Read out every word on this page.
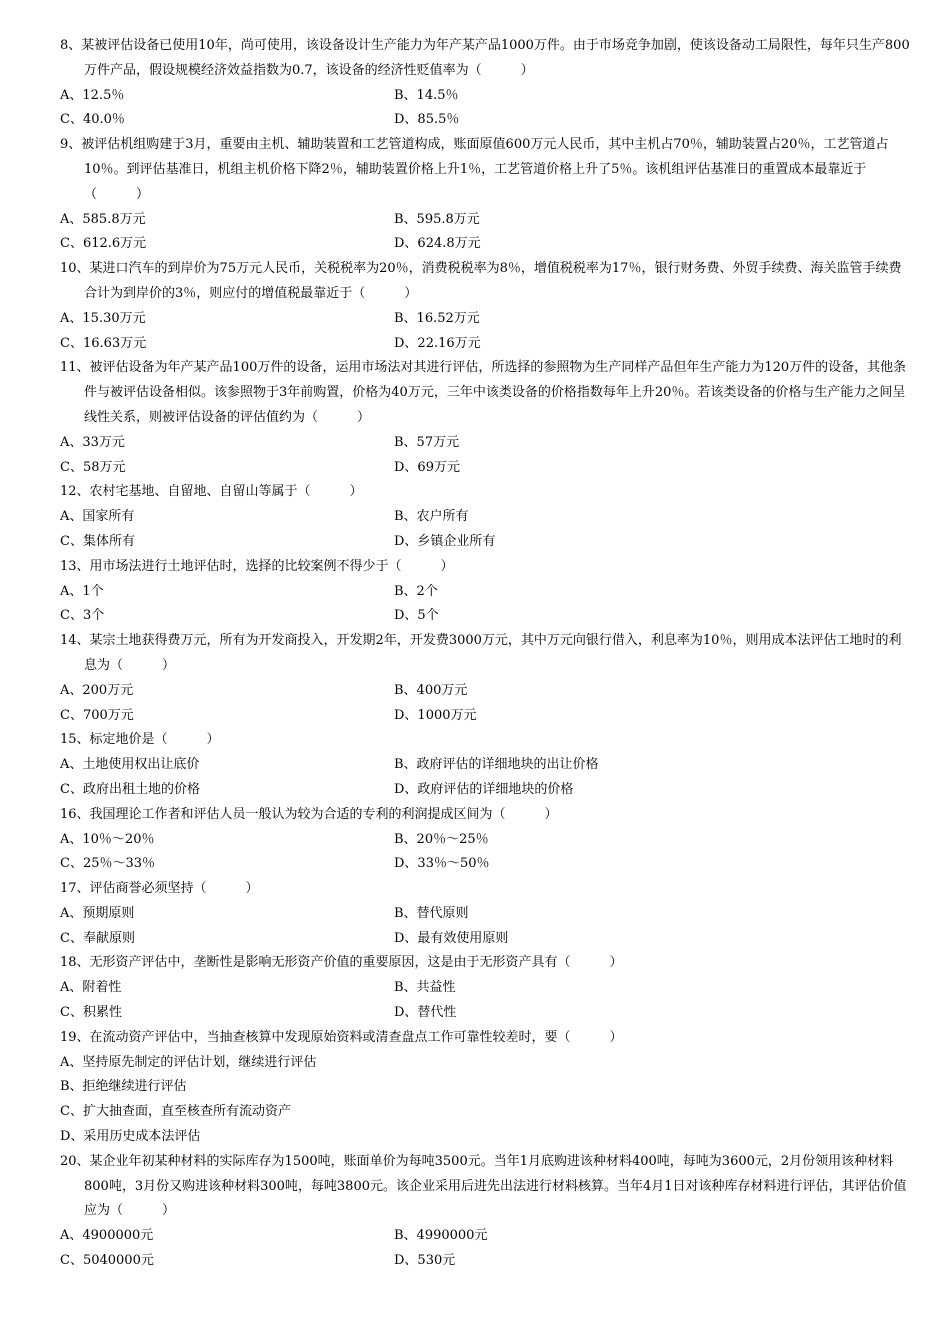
8、某被评估设备已使用10年，尚可使用，该设备设计生产能力为年产某产品1000万件。由于市场竞争加剧，使该设备动工局限性，每年只生产800万件产品，假设规模经济效益指数为0.7，该设备的经济性贬值率为（　　　）
A、12.5％	B、14.5％
C、40.0％	D、85.5％
9、被评估机组购建于3月，重要由主机、辅助装置和工艺管道构成，账面原值600万元人民币，其中主机占70％，辅助装置占20％，工艺管道占10％。到评估基准日，机组主机价格下降2％，辅助装置价格上升1％，工艺管道价格上升了5％。该机组评估基准日的重置成本最靠近于（　　　）
A、585.8万元	B、595.8万元
C、612.6万元	D、624.8万元
10、某进口汽车的到岸价为75万元人民币，关税税率为20％，消费税税率为8％，增值税税率为17％，银行财务费、外贸手续费、海关监管手续费合计为到岸价的3％，则应付的增值税最靠近于（　　　）
A、15.30万元	B、16.52万元
C、16.63万元	D、22.16万元
11、被评估设备为年产某产品100万件的设备，运用市场法对其进行评估，所选择的参照物为生产同样产品但年生产能力为120万件的设备，其他条件与被评估设备相似。该参照物于3年前购置，价格为40万元，三年中该类设备的价格指数每年上升20％。若该类设备的价格与生产能力之间呈线性关系，则被评估设备的评估值约为（　　　）
A、33万元	B、57万元
C、58万元	D、69万元
12、农村宅基地、自留地、自留山等属于（　　　）
A、国家所有	B、农户所有
C、集体所有	D、乡镇企业所有
13、用市场法进行土地评估时，选择的比较案例不得少于（　　　）
A、1个	B、2个
C、3个	D、5个
14、某宗土地获得费万元，所有为开发商投入，开发期2年，开发费3000万元，其中万元向银行借入，利息率为10％，则用成本法评估工地时的利息为（　　　）
A、200万元	B、400万元
C、700万元	D、1000万元
15、标定地价是（　　　）
A、土地使用权出让底价	B、政府评估的详细地块的出让价格
C、政府出租土地的价格	D、政府评估的详细地块的价格
16、我国理论工作者和评估人员一般认为较为合适的专利的利润提成区间为（　　　）
A、10％～20％	B、20％～25％
C、25％～33％	D、33％～50％
17、评估商誉必须坚持（　　　）
A、预期原则	B、替代原则
C、奉献原则	D、最有效使用原则
18、无形资产评估中，垄断性是影响无形资产价值的重要原因，这是由于无形资产具有（　　　）
A、附着性	B、共益性
C、积累性	D、替代性
19、在流动资产评估中，当抽查核算中发现原始资料或清查盘点工作可靠性较差时，要（　　　）
A、坚持原先制定的评估计划，继续进行评估
B、拒绝继续进行评估
C、扩大抽查面，直至核查所有流动资产
D、采用历史成本法评估
20、某企业年初某种材料的实际库存为1500吨，账面单价为每吨3500元。当年1月底购进该种材料400吨，每吨为3600元，2月份领用该种材料800吨，3月份又购进该种材料300吨，每吨3800元。该企业采用后进先出法进行材料核算。当年4月1日对该种库存材料进行评估，其评估价值应为（　　　）
A、4900000元	B、4990000元
C、5040000元	D、530元
